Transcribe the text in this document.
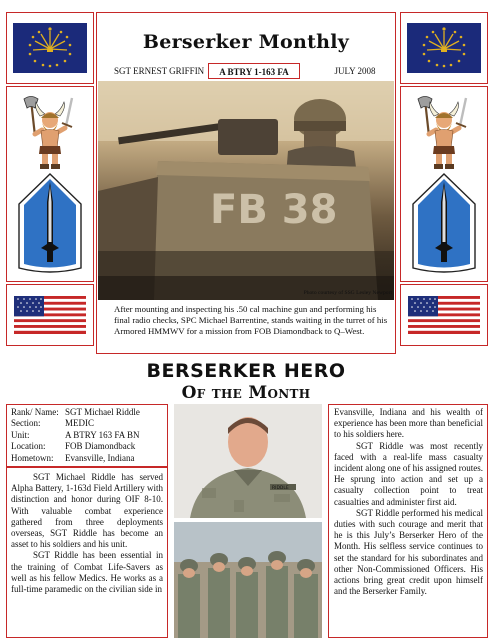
Berserker Monthly
SGT ERNEST GRIFFIN	A BTRY 1-163 FA	JULY 2008
FB 38
Photo courtesy of SSG Lesley Newport
After mounting and inspecting his .50 cal machine gun and performing his final radio checks, SPC Michael Barrentine, stands waiting in the turret of his Armored HMMWV for a mission from FOB Diamondback to Q–West.
BERSERKER HERO
Of the Month
Rank/ Name:	SGT Michael Riddle
Section:	MEDIC
Unit:	A BTRY 163 FA BN
Location:	FOB Diamondback
Hometown:	Evansville, Indiana

SGT Michael Riddle has served Alpha Battery, 1-163d Field Artillery with distinction and honor during OIF 8-10. With valuable combat experience gathered from three deployments overseas, SGT Riddle has become an asset to his soldiers and his unit.

SGT Riddle has been essential in the training of Combat Life-Savers as well as his fellow Medics. He works as a full-time paramedic on the civilian side in

RIDDLE

Evansville, Indiana and his wealth of experience has been more than beneficial to his soldiers here.

SGT Riddle was most recently faced with a real-life mass casualty incident along one of his assigned routes. He sprung into action and set up a casualty collection point to treat casualties and administer first aid.

SGT Riddle performed his medical duties with such courage and merit that he is this July’s Berserker Hero of the Month. His selfless service continues to set the standard for his subordinates and other Non-Commissioned Officers. His actions bring great credit upon himself and the Berserker Family.
